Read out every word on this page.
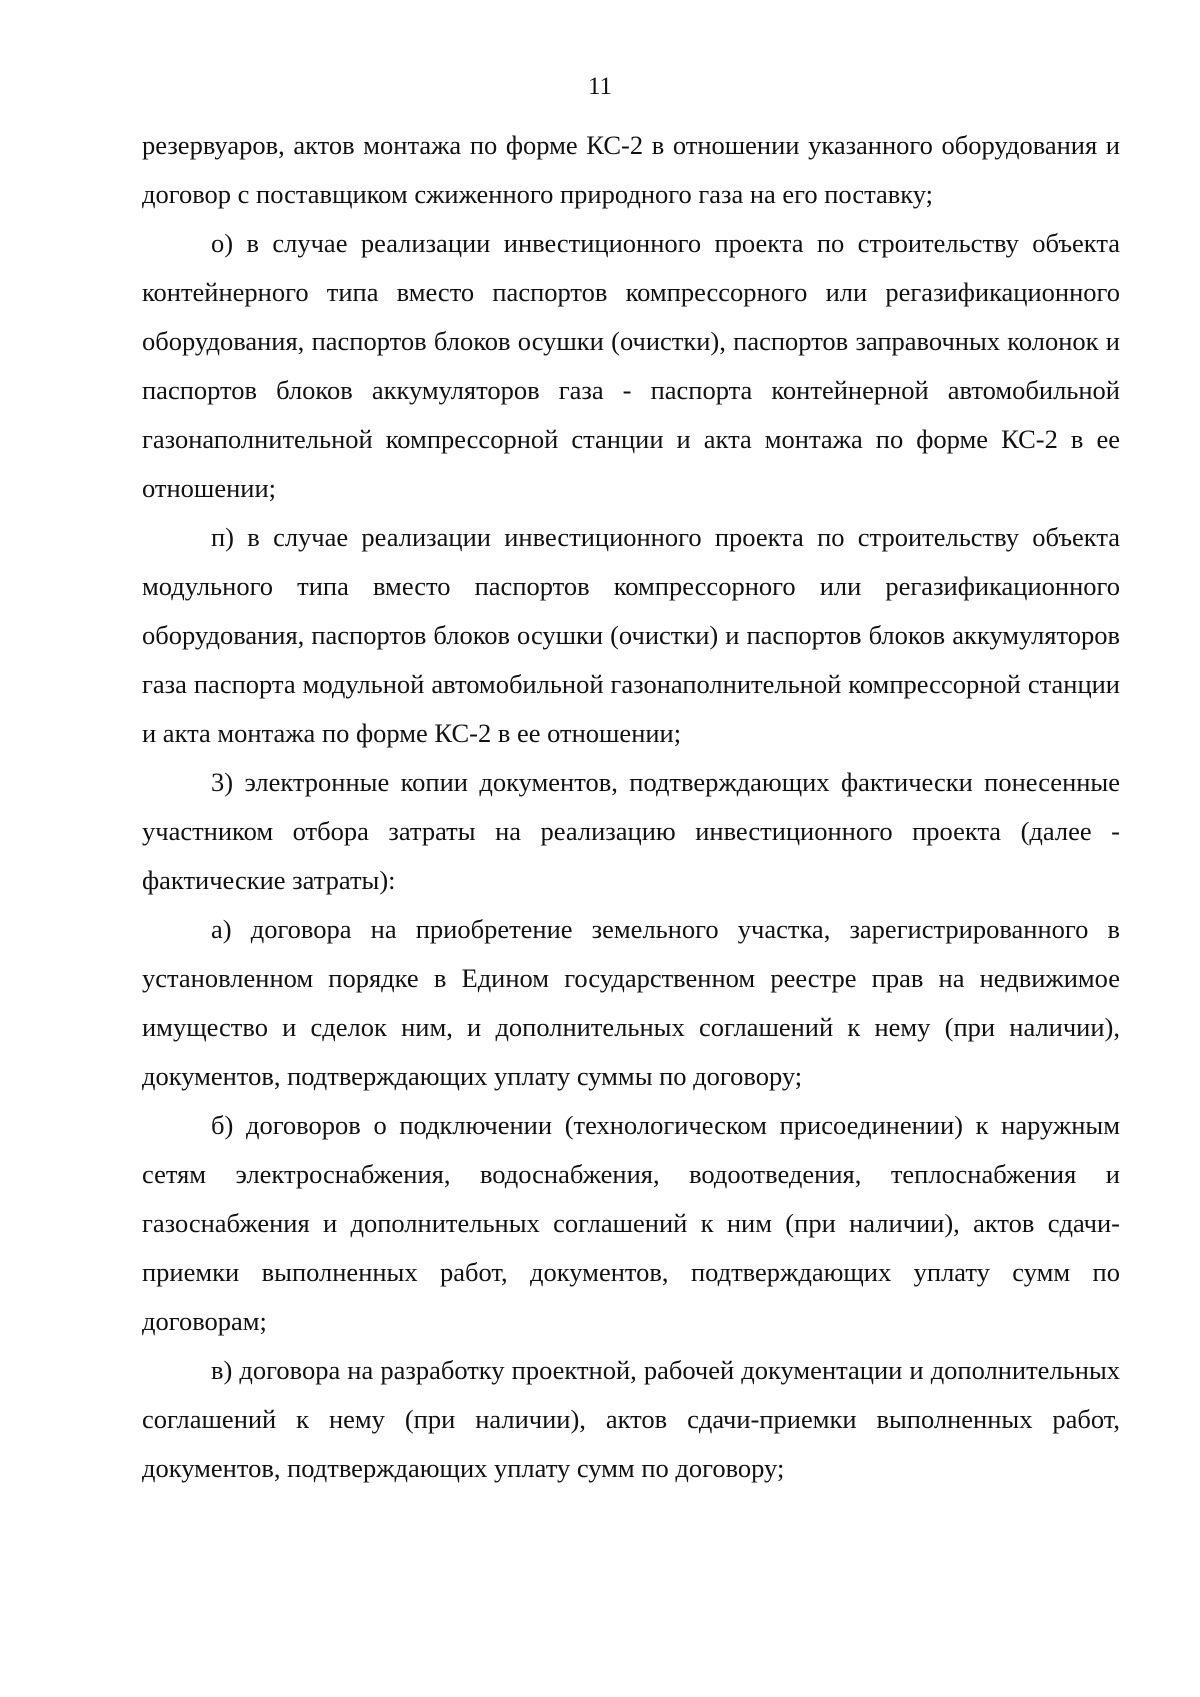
11

резервуаров, актов монтажа по форме КС-2 в отношении указанного оборудования и договор с поставщиком сжиженного природного газа на его поставку;

о) в случае реализации инвестиционного проекта по строительству объекта контейнерного типа вместо паспортов компрессорного или регазификационного оборудования, паспортов блоков осушки (очистки), паспортов заправочных колонок и паспортов блоков аккумуляторов газа - паспорта контейнерной автомобильной газонаполнительной компрессорной станции и акта монтажа по форме КС-2 в ее отношении;

п) в случае реализации инвестиционного проекта по строительству объекта модульного типа вместо паспортов компрессорного или регазификационного оборудования, паспортов блоков осушки (очистки) и паспортов блоков аккумуляторов газа паспорта модульной автомобильной газонаполнительной компрессорной станции и акта монтажа по форме КС-2 в ее отношении;

3) электронные копии документов, подтверждающих фактически понесенные участником отбора затраты на реализацию инвестиционного проекта (далее - фактические затраты):

а) договора на приобретение земельного участка, зарегистрированного в установленном порядке в Едином государственном реестре прав на недвижимое имущество и сделок ним, и дополнительных соглашений к нему (при наличии), документов, подтверждающих уплату суммы по договору;

б) договоров о подключении (технологическом присоединении) к наружным сетям электроснабжения, водоснабжения, водоотведения, теплоснабжения и газоснабжения и дополнительных соглашений к ним (при наличии), актов сдачи-приемки выполненных работ, документов, подтверждающих уплату сумм по договорам;

в) договора на разработку проектной, рабочей документации и дополнительных соглашений к нему (при наличии), актов сдачи-приемки выполненных работ, документов, подтверждающих уплату сумм по договору;
